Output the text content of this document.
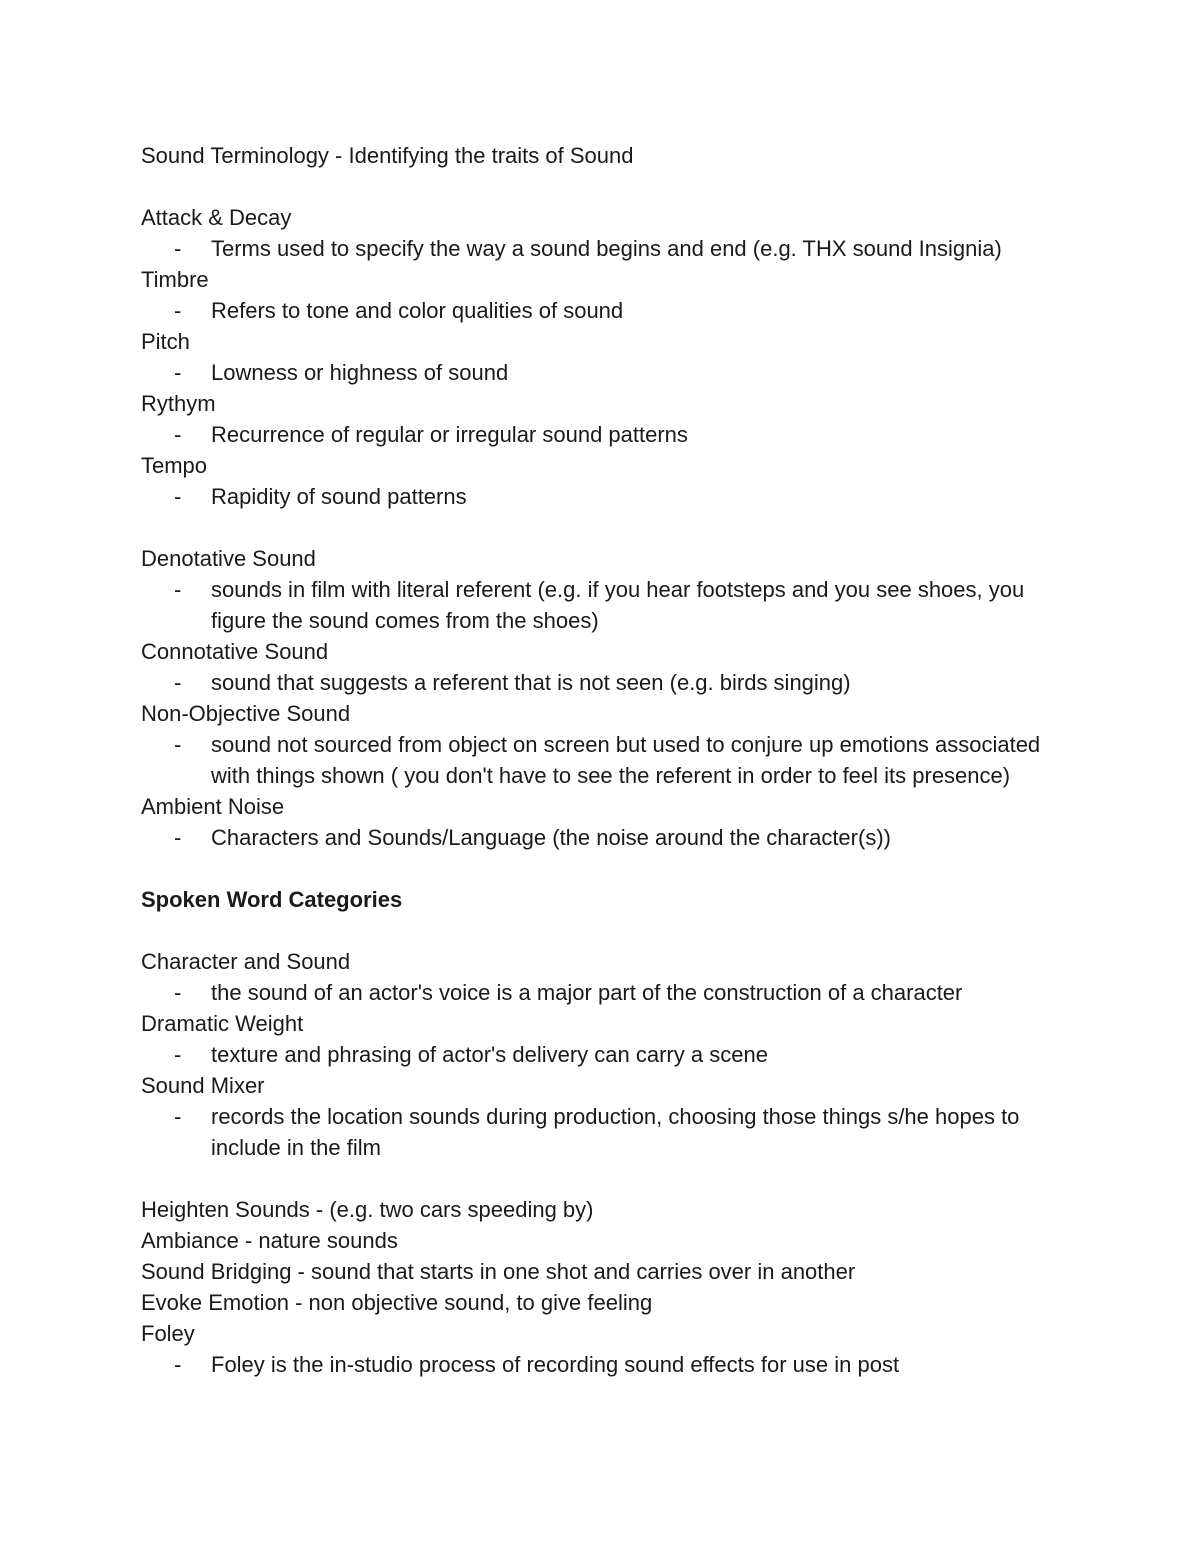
Sound Terminology - Identifying the traits of Sound

Attack & Decay

- Terms used to specify the way a sound begins and end (e.g. THX sound Insignia)

Timbre

- Refers to tone and color qualities of sound

Pitch

- Lowness or highness of sound

Rythym

- Recurrence of regular or irregular sound patterns

Tempo

- Rapidity of sound patterns

Denotative Sound

- sounds in film with literal referent (e.g. if you hear footsteps and you see shoes, you figure the sound comes from the shoes)

Connotative Sound

- sound that suggests a referent that is not seen (e.g. birds singing)

Non-Objective Sound

- sound not sourced from object on screen but used to conjure up emotions associated with things shown ( you don't have to see the referent in order to feel its presence)

Ambient Noise

- Characters and Sounds/Language (the noise around the character(s))

Spoken Word Categories

Character and Sound

- the sound of an actor's voice is a major part of the construction of a character

Dramatic Weight

- texture and phrasing of actor's delivery can carry a scene

Sound Mixer

- records the location sounds during production, choosing those things s/he hopes to include in the film

Heighten Sounds - (e.g. two cars speeding by)

Ambiance - nature sounds

Sound Bridging - sound that starts in one shot and carries over in another

Evoke Emotion - non objective sound, to give feeling

Foley

- Foley is the in-studio process of recording sound effects for use in post
